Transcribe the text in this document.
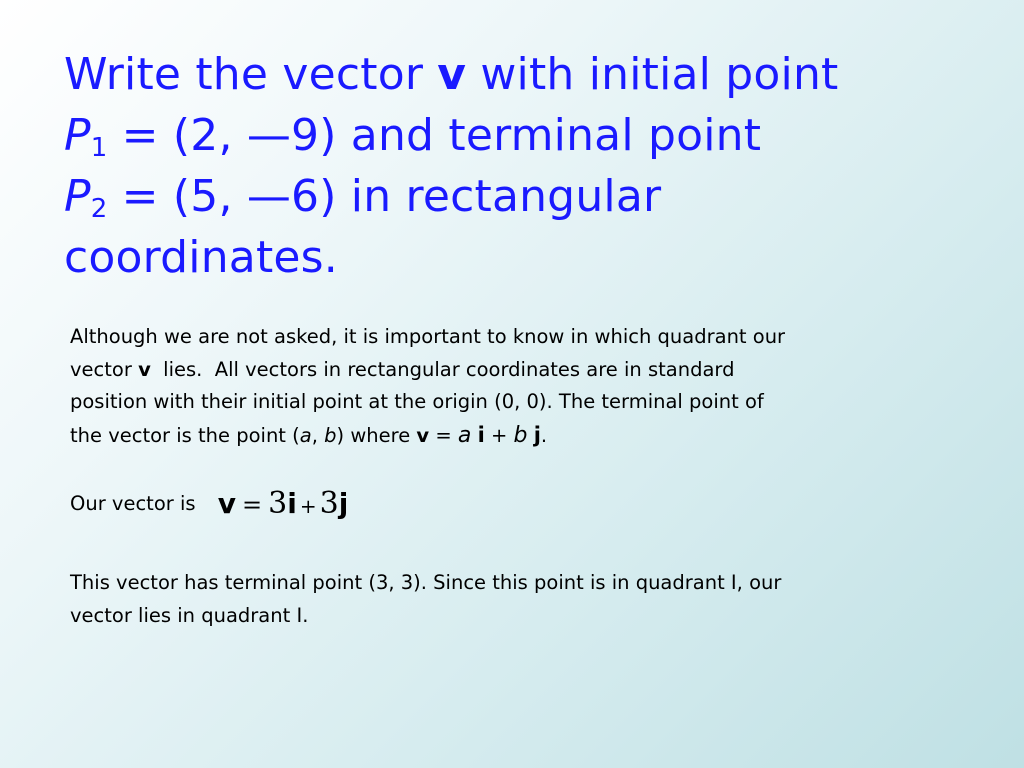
Write the vector v with initial point
$P_1 = (2$, —9) and terminal point
$P_2 = (5$, —6) in rectangular
coordinates.
Although we are not asked, it is important to know in which quadrant our
vector v  lies.  All vectors in rectangular coordinates are in standard
position with their initial point at the origin (0, 0). The terminal point of
the vector is the point (a, b) where v = a i + b j.
Our vector is v = 3i + 3j
This vector has terminal point (3, 3). Since this point is in quadrant I, our
vector lies in quadrant I.
